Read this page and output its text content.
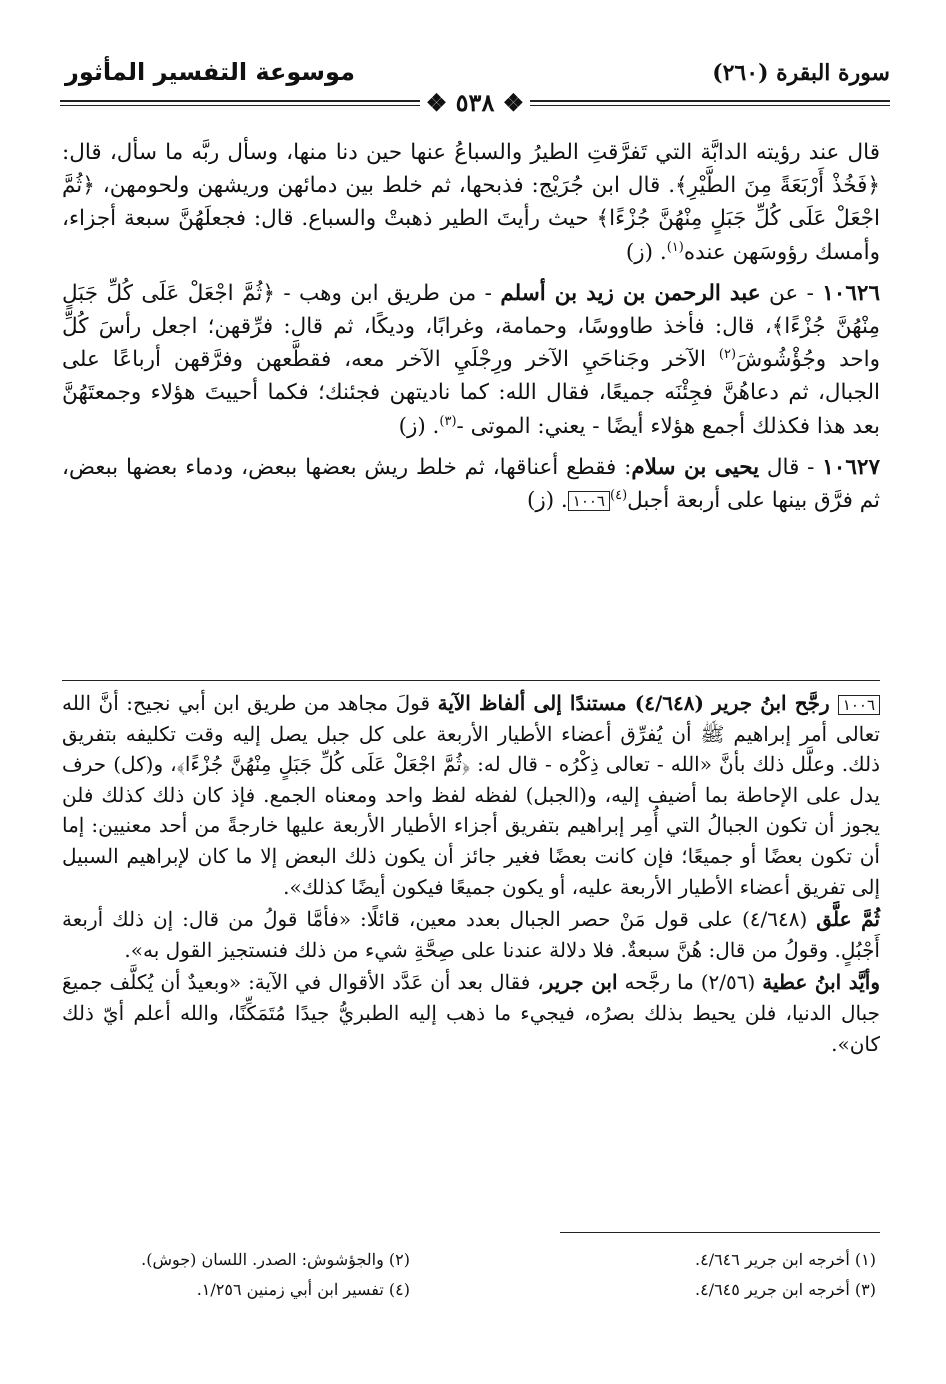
موسوعة التفسير المأثور	سورة البقرة (٢٦٠)
❖ ٥٣٨ ❖

قال عند رؤيته الدابَّة التي تَفرَّقتِ الطيرُ والسباعُ عنها حين دنا منها، وسأل ربَّه ما سأل، قال: ﴿فَخُذْ أَرْبَعَةً مِنَ الطَّيْرِ﴾. قال ابن جُرَيْج: فذبحها، ثم خلط بين دمائهن وريشهن ولحومهن، ﴿ثُمَّ اجْعَلْ عَلَى كُلِّ جَبَلٍ مِنْهُنَّ جُزْءًا﴾ حيث رأيتَ الطير ذهبتْ والسباع. قال: فجعلَهُنَّ سبعة أجزاء، وأمسك رؤوسَهن عنده$^{(١)}$. (ز)

١٠٦٢٦ - عن عبد الرحمن بن زيد بن أسلم - من طريق ابن وهب - ﴿ثُمَّ اجْعَلْ عَلَى كُلِّ جَبَلٍ مِنْهُنَّ جُزْءًا﴾، قال: فأخذ طاووسًا، وحمامة، وغرابًا، وديكًا، ثم قال: فرِّقهن؛ اجعل رأسَ كُلِّ واحد وجُؤْشُوشَ$^{(٢)}$ الآخر وجَناحَيِ الآخر ورِجْلَيِ الآخر معه، فقطَّعهن وفرَّقهن أرباعًا على الجبال، ثم دعاهُنَّ فجِئْنَه جميعًا، فقال الله: كما ناديتهن فجئنك؛ فكما أحييتَ هؤلاء وجمعتَهُنَّ بعد هذا فكذلك أجمع هؤلاء أيضًا - يعني: الموتى -$^{(٣)}$. (ز)

١٠٦٢٧ - قال يحيى بن سلام: فقطع أعناقها، ثم خلط ريش بعضها ببعض، ودماء بعضها ببعض، ثم فرَّق بينها على أربعة أجبل$^{(٤)}$١٠٠٦. (ز)

١٠٠٦ رجَّح ابنُ جرير (٤/٦٤٨) مستندًا إلى ألفاظ الآية قولَ مجاهد من طريق ابن أبي نجيح: أنَّ الله تعالى أمر إبراهيم ﷺ أن يُفرِّق أعضاء الأطيار الأربعة على كل جبل يصل إليه وقت تكليفه بتفريق ذلك. وعلَّل ذلك بأنَّ «الله - تعالى ذِكْرُه - قال له: ﴿ثُمَّ اجْعَلْ عَلَى كُلِّ جَبَلٍ مِنْهُنَّ جُزْءًا﴾، و(كل) حرف يدل على الإحاطة بما أضيف إليه، و(الجبل) لفظه لفظ واحد ومعناه الجمع. فإذ كان ذلك كذلك فلن يجوز أن تكون الجبالُ التي أُمِر إبراهيم بتفريق أجزاء الأطيار الأربعة عليها خارجةً من أحد معنيين: إما أن تكون بعضًا أو جميعًا؛ فإن كانت بعضًا فغير جائز أن يكون ذلك البعض إلا ما كان لإبراهيم السبيل إلى تفريق أعضاء الأطيار الأربعة عليه، أو يكون جميعًا فيكون أيضًا كذلك».

ثُمَّ علَّق (٤/٦٤٨) على قول مَنْ حصر الجبال بعدد معين، قائلًا: «فأمَّا قولُ من قال: إن ذلك أربعة أَجْبُلٍ. وقولُ من قال: هُنَّ سبعةٌ. فلا دلالة عندنا على صِحَّةِ شيء من ذلك فنستجيز القول به».

وأيَّد ابنُ عطية (٢/٥٦) ما رجَّحه ابن جرير، فقال بعد أن عَدَّد الأقوال في الآية: «وبعيدٌ أن يُكلَّف جميعَ جبال الدنيا، فلن يحيط بذلك بصرُه، فيجيء ما ذهب إليه الطبريُّ جيدًا مُتَمَكِّنًا، والله أعلم أيّ ذلك كان».

(١) أخرجه ابن جرير ٤/٦٤٦.
(٢) والجؤشوش: الصدر. اللسان (جوش).
(٣) أخرجه ابن جرير ٤/٦٤٥.
(٤) تفسير ابن أبي زمنين ١/٢٥٦.
